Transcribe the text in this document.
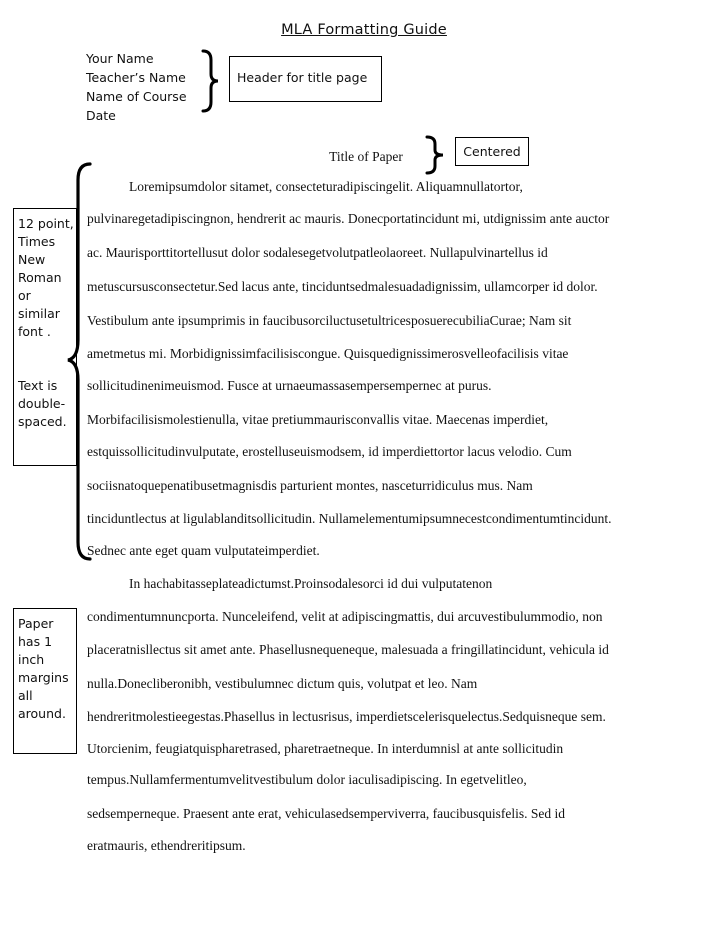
MLA Formatting Guide
Your Name
Teacher’s Name
Name of Course
Date
Header for title page
Title of Paper	Centered
12 point,
Times
New
Roman
or
similar
font .
Text is
double-
spaced.
Paper
has 1
inch
margins
all
around.
Loremipsumdolor sitamet, consecteturadipiscingelit. Aliquamnullatortor,
pulvinaregetadipiscingnon, hendrerit ac mauris. Donecportatincidunt mi, utdignissim ante auctor
ac. Maurisporttitortellusut dolor sodalesegetvolutpatleolaoreet. Nullapulvinartellus id
metuscursusconsectetur.Sed lacus ante, tinciduntsedmalesuadadignissim, ullamcorper id dolor.
Vestibulum ante ipsumprimis in faucibusorciluctusetultricesposuerecubiliaCurae; Nam sit
ametmetus mi. Morbidignissimfacilisiscongue. Quisquedignissimerosvelleofacilisis vitae
sollicitudinenimeuismod. Fusce at urnaeumassasempersempernec at purus.
Morbifacilisismolestienulla, vitae pretiummaurisconvallis vitae. Maecenas imperdiet,
estquissollicitudinvulputate, erostelluseuismodsem, id imperdiettortor lacus velodio. Cum
sociisnatoquepenatibusetmagnisdis parturient montes, nasceturridiculus mus. Nam
tinciduntlectus at ligulablanditsollicitudin. Nullamelementumipsumnecestcondimentumtincidunt.
Sednec ante eget quam vulputateimperdiet.
In hachabitasseplateadictumst.Proinsodalesorci id dui vulputatenon
condimentumnuncporta. Nunceleifend, velit at adipiscingmattis, dui arcuvestibulummodio, non
placeratnisllectus sit amet ante. Phasellusnequeneque, malesuada a fringillatincidunt, vehicula id
nulla.Donecliberonibh, vestibulumnec dictum quis, volutpat et leo. Nam
hendreritmolestieegestas.Phasellus in lectusrisus, imperdietscelerisquelectus.Sedquisneque sem.
Utorcienim, feugiatquispharetrased, pharetraetneque. In interdumnisl at ante sollicitudin
tempus.Nullamfermentumvelitvestibulum dolor iaculisadipiscing. In egetvelitleo,
sedsemperneque. Praesent ante erat, vehiculasedsemperviverra, faucibusquisfelis. Sed id
eratmauris, ethendreritipsum.
